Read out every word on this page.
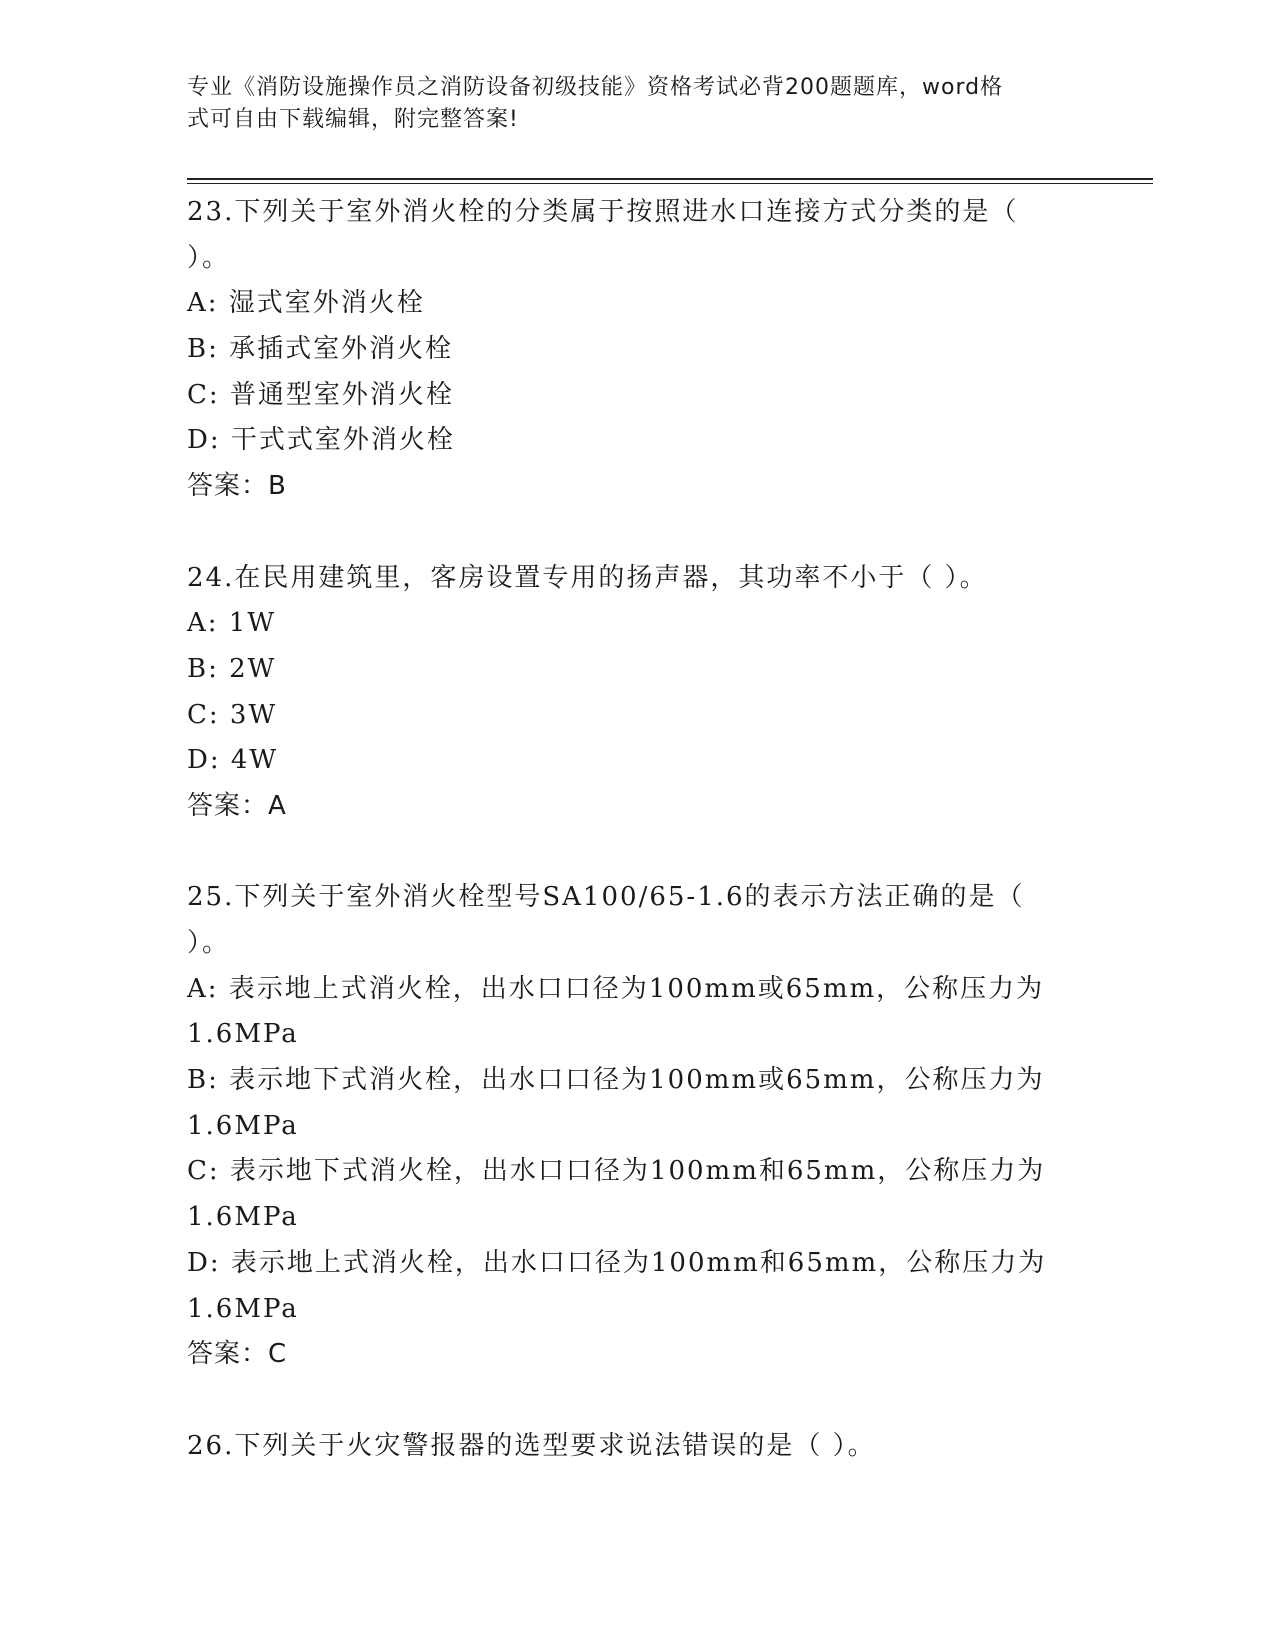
专业《消防设施操作员之消防设备初级技能》资格考试必背200题题库，word格
式可自由下载编辑，附完整答案!
23.下列关于室外消火栓的分类属于按照进水口连接方式分类的是（
）。
A: 湿式室外消火栓
B: 承插式室外消火栓
C: 普通型室外消火栓
D: 干式式室外消火栓
答案：B
24.在民用建筑里，客房设置专用的扬声器，其功率不小于（ ）。
A: 1W
B: 2W
C: 3W
D: 4W
答案：A
25.下列关于室外消火栓型号SA100/65-1.6的表示方法正确的是（
）。
A: 表示地上式消火栓，出水口口径为100mm或65mm，公称压力为
1.6MPa
B: 表示地下式消火栓，出水口口径为100mm或65mm，公称压力为
1.6MPa
C: 表示地下式消火栓，出水口口径为100mm和65mm，公称压力为
1.6MPa
D: 表示地上式消火栓，出水口口径为100mm和65mm，公称压力为
1.6MPa
答案：C
26.下列关于火灾警报器的选型要求说法错误的是（ ）。
